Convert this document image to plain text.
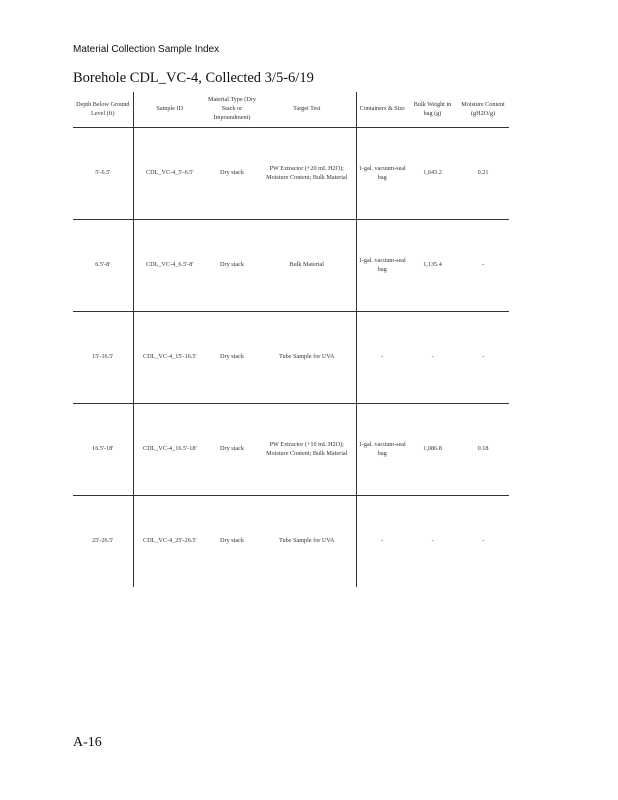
Material Collection Sample Index
Borehole CDL_VC-4, Collected 3/5-6/19
Depth Below Ground Level (ft)	Sample ID	Material Type (Dry Stack or Impoundment)	Target Test	Containers & Size	Bulk Weight in bag (g)	Moisture Content (gH2O/g)
5'-6.5'	CDL_VC-4_5'-6.5'	Dry stack	PW Extractor (+20 mL H2O); Moisture Content; Bulk Material	1-gal. vacuum-seal bag	1,643.2	0.21
6.5'-8'	CDL_VC-4_6.5'-8'	Dry stack	Bulk Material	1-gal. vacuum-seal bag	1,135.4	-
15'-16.5'	CDL_VC-4_15'-16.5'	Dry stack	Tube Sample for UVA	-	-	-
16.5'-18'	CDL_VC-4_16.5'-18'	Dry stack	PW Extractor (+10 mL H2O); Moisture Content; Bulk Material	1-gal. vacuum-seal bag	1,086.8	0.18
25'-26.5'	CDL_VC-4_25'-26.5'	Dry stack	Tube Sample for UVA	-	-	-
A-16
